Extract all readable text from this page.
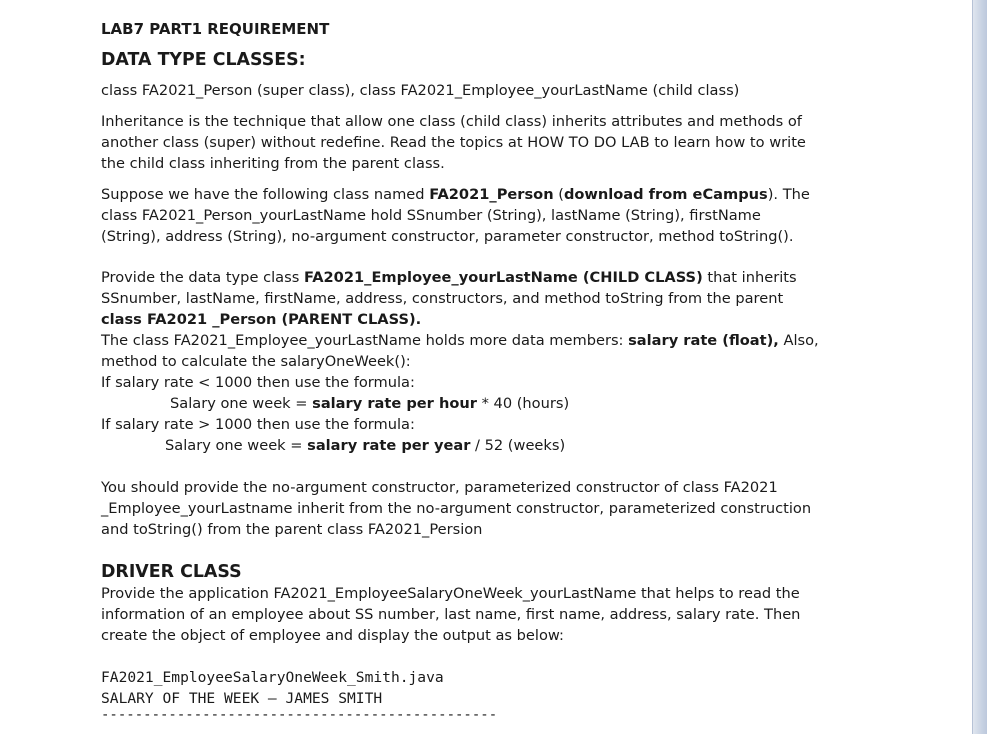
LAB7 PART1 REQUIREMENT
DATA TYPE CLASSES:
class FA2021_Person (super class), class FA2021_Employee_yourLastName (child class)
Inheritance is the technique that allow one class (child class) inherits attributes and methods of another class (super) without redefine. Read the topics at HOW TO DO LAB to learn how to write the child class inheriting from the parent class.
Suppose we have the following class named FA2021_Person (download from eCampus). The class FA2021_Person_yourLastName hold SSnumber (String), lastName (String), firstName (String), address (String), no-argument constructor, parameter constructor, method toString().
Provide the data type class FA2021_Employee_yourLastName (CHILD CLASS) that inherits SSnumber, lastName, firstName, address, constructors, and method toString from the parent class FA2021 _Person (PARENT CLASS).
The class FA2021_Employee_yourLastName holds more data members: salary rate (float), Also, method to calculate the salaryOneWeek():
If salary rate < 1000 then use the formula:
Salary one week = salary rate per hour * 40 (hours)
If salary rate > 1000 then use the formula:
Salary one week = salary rate per year / 52 (weeks)
You should provide the no-argument constructor, parameterized constructor of class FA2021 _Employee_yourLastname inherit from the no-argument constructor, parameterized construction and toString() from the parent class FA2021_Persion
DRIVER CLASS
Provide the application FA2021_EmployeeSalaryOneWeek_yourLastName that helps to read the information of an employee about SS number, last name, first name, address, salary rate. Then create the object of employee and display the output as below:
FA2021_EmployeeSalaryOneWeek_Smith.java
SALARY OF THE WEEK – JAMES SMITH
-----------------------------------------------
